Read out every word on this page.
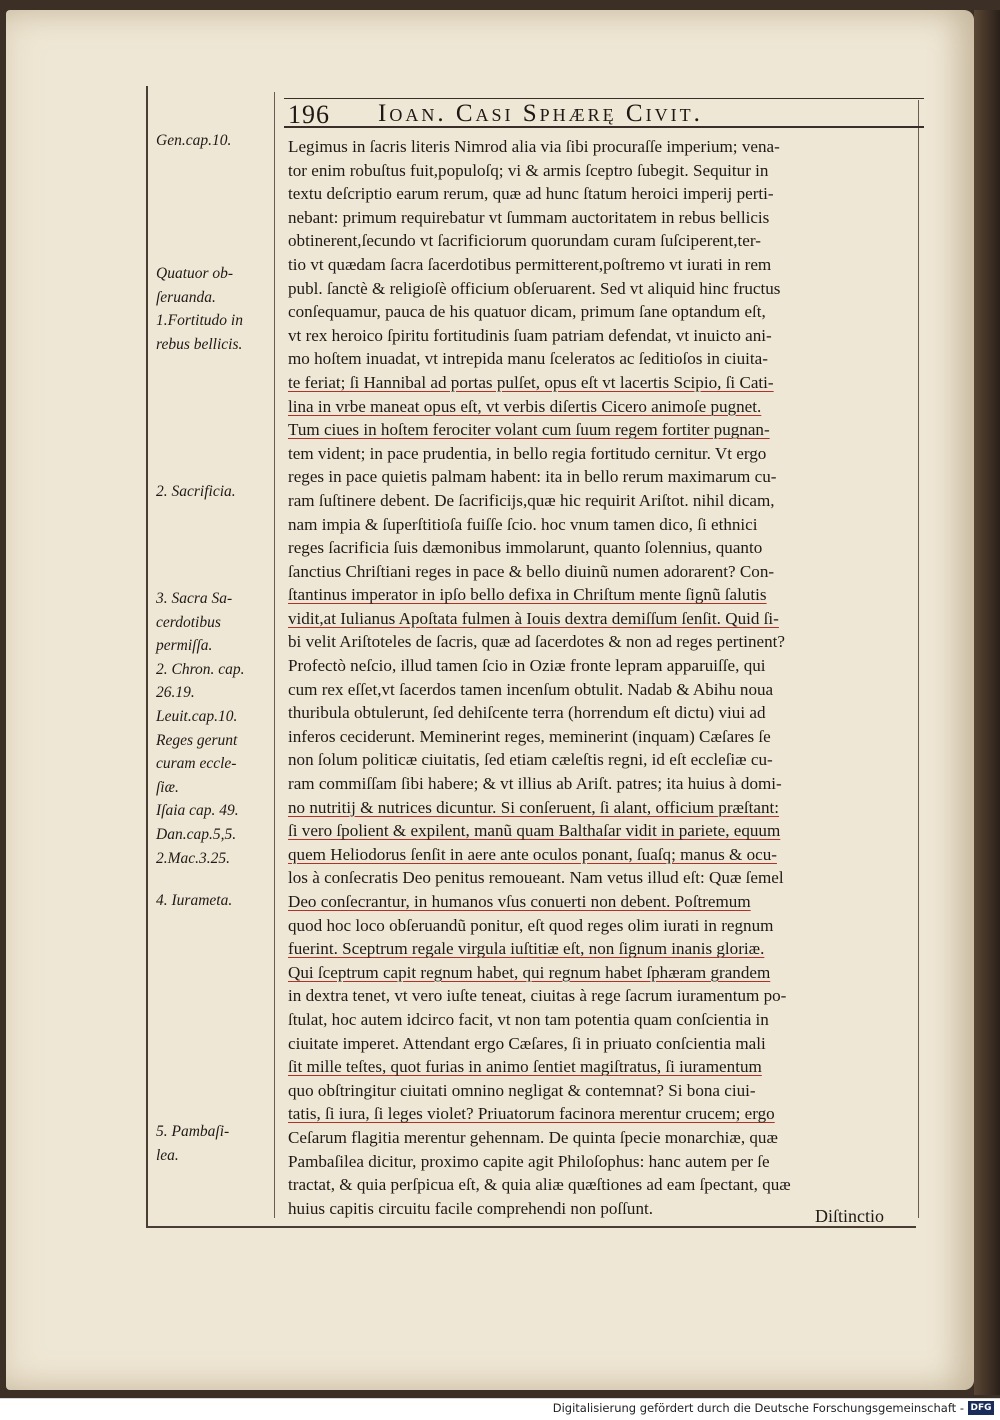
196 Ioan. Casi Sphærę Civit.
Legimus in ſacris literis Nimrod alia via ſibi procuraſſe imperium; vena-
tor enim robuſtus fuit,populoſq; vi & armis ſceptro ſubegit. Sequitur in
textu deſcriptio earum rerum, quæ ad hunc ſtatum heroici imperij perti-
nebant: primum requirebatur vt ſummam auctoritatem in rebus bellicis
obtinerent,ſecundo vt ſacrificiorum quorundam curam ſuſciperent,ter-
tio vt quædam ſacra ſacerdotibus permitterent,poſtremo vt iurati in rem
publ. ſanctè & religioſè officium obſeruarent. Sed vt aliquid hinc fructus
conſequamur, pauca de his quatuor dicam, primum ſane optandum eſt,
vt rex heroico ſpiritu fortitudinis ſuam patriam defendat, vt inuicto ani-
mo hoſtem inuadat, vt intrepida manu ſceleratos ac ſeditioſos in ciuita-
te feriat; ſi Hannibal ad portas pulſet, opus eſt vt lacertis Scipio, ſi Cati-
lina in vrbe maneat opus eſt, vt verbis diſertis Cicero animoſe pugnet.
Tum ciues in hoſtem ferociter volant cum ſuum regem fortiter pugnan-
tem vident; in pace prudentia, in bello regia fortitudo cernitur. Vt ergo
reges in pace quietis palmam habent: ita in bello rerum maximarum cu-
ram ſuſtinere debent. De ſacrificijs,quæ hic requirit Ariſtot. nihil dicam,
nam impia & ſuperſtitioſa fuiſſe ſcio. hoc vnum tamen dico, ſi ethnici
reges ſacrificia ſuis dæmonibus immolarunt, quanto ſolennius, quanto
ſanctius Chriſtiani reges in pace & bello diuinũ numen adorarent? Con-
ſtantinus imperator in ipſo bello defixa in Chriſtum mente ſignũ ſalutis
vidit,at Iulianus Apoſtata fulmen à Iouis dextra demiſſum ſenſit. Quid ſi-
bi velit Ariſtoteles de ſacris, quæ ad ſacerdotes & non ad reges pertinent?
Profectò neſcio, illud tamen ſcio in Oziæ fronte lepram apparuiſſe, qui
cum rex eſſet,vt ſacerdos tamen incenſum obtulit. Nadab & Abihu noua
thuribula obtulerunt, ſed dehiſcente terra (horrendum eſt dictu) viui ad
inferos ceciderunt. Meminerint reges, meminerint (inquam) Cæſares ſe
non ſolum politicæ ciuitatis, ſed etiam cæleſtis regni, id eſt eccleſiæ cu-
ram commiſſam ſibi habere; & vt illius ab Ariſt. patres; ita huius à domi-
no nutritij & nutrices dicuntur. Si conſeruent, ſi alant, officium præſtant:
ſi vero ſpolient & expilent, manũ quam Balthaſar vidit in pariete, equum
quem Heliodorus ſenſit in aere ante oculos ponant, ſuaſq; manus & ocu-
los à conſecratis Deo penitus remoueant. Nam vetus illud eſt: Quæ ſemel
Deo conſecrantur, in humanos vſus conuerti non debent. Poſtremum
quod hoc loco obſeruandũ ponitur, eſt quod reges olim iurati in regnum
fuerint. Sceptrum regale virgula iuſtitiæ eſt, non ſignum inanis gloriæ.
Qui ſceptrum capit regnum habet, qui regnum habet ſphæram grandem
in dextra tenet, vt vero iuſte teneat, ciuitas à rege ſacrum iuramentum po-
ſtulat, hoc autem idcirco facit, vt non tam potentia quam conſcientia in
ciuitate imperet. Attendant ergo Cæſares, ſi in priuato conſcientia mali
ſit mille teſtes, quot furias in animo ſentiet magiſtratus, ſi iuramentum
quo obſtringitur ciuitati omnino negligat & contemnat? Si bona ciui-
tatis, ſi iura, ſi leges violet? Priuatorum facinora merentur crucem; ergo
Ceſarum flagitia merentur gehennam. De quinta ſpecie monarchiæ, quæ
Pambaſilea dicitur, proximo capite agit Philoſophus: hanc autem per ſe
tractat, & quia perſpicua eſt, & quia aliæ quæſtiones ad eam ſpectant, quæ
huius capitis circuitu facile comprehendi non poſſunt.
Gen.cap.10.
Quatuor ob-
ſeruanda.
1.Fortitudo in
rebus bellicis.
2. Sacrificia.
3. Sacra Sa-
cerdotibus
permiſſa.
2. Chron. cap.
26.19.
Leuit.cap.10.
Reges gerunt
curam eccle-
ſiæ.
Iſaia cap. 49.
Dan.cap.5,5.
2.Mac.3.25.
4. Iurameta.
5. Pambaſi-
lea.
Diſtinctio
Digitalisierung gefördert durch die Deutsche Forschungsgemeinschaft - DFG
